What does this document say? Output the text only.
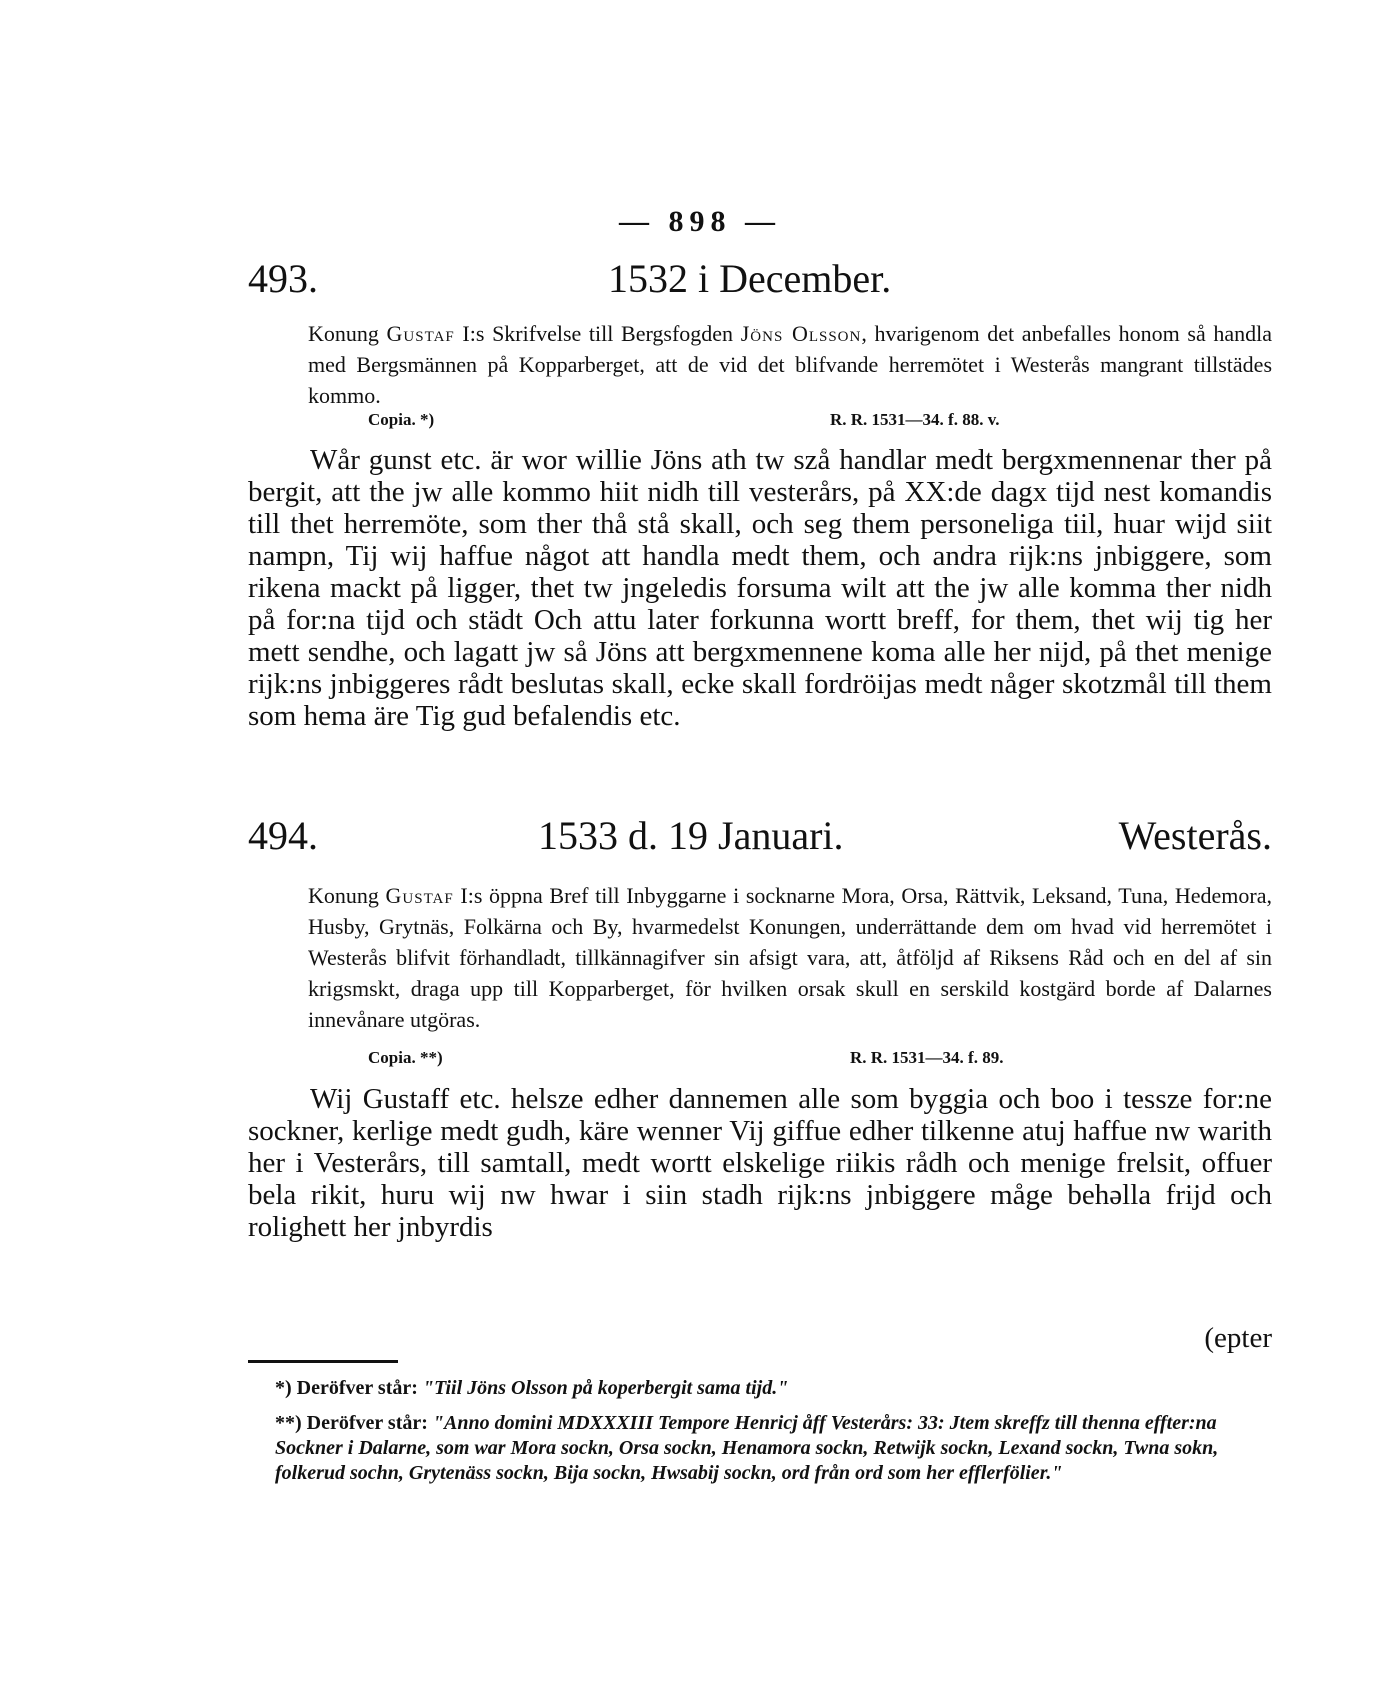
— 898 —
493.	1532 i December.
Konung Gustaf I:s Skrifvelse till Bergsfogden Jöns Olsson, hvarigenom det anbefalles honom så handla med Bergsmännen på Kopparberget, att de vid det blifvande herremötet i Westerås mangrant tillstädes kommo.
Copia. *)	R. R. 1531—34. f. 88. v.

Wår gunst etc. är wor willie Jöns ath tw szå handlar medt bergxmennenar ther på bergit, att the jw alle kommo hiit nidh till vesterårs, på XX:de dagx tijd nest komandis till thet herremöte, som ther thå stå skall, och seg them personeliga tiil, huar wijd siit nampn, Tij wij haffue något att handla medt them, och andra rijk:ns jnbiggere, som rikena mackt på ligger, thet tw jngeledis forsuma wilt att the jw alle komma ther nidh på for:na tijd och städt Och attu later forkunna wortt breff, for them, thet wij tig her mett sendhe, och lagatt jw så Jöns att bergxmennene koma alle her nijd, på thet menige rijk:ns jnbiggeres rådt beslutas skall, ecke skall fordröijas medt någer skotzmål till them som hema äre Tig gud befalendis etc.

494.	1533 d. 19 Januari.	Westerås.
Konung Gustaf I:s öppna Bref till Inbyggarne i socknarne Mora, Orsa, Rättvik, Leksand, Tuna, Hedemora, Husby, Grytnäs, Folkärna och By, hvarmedelst Konungen, underrättande dem om hvad vid herremötet i Westerås blifvit förhandladt, tillkännagifver sin afsigt vara, att, åtföljd af Riksens Råd och en del af sin krigsmskt, draga upp till Kopparberget, för hvilken orsak skull en serskild kostgärd borde af Dalarnes innevånare utgöras.
Copia. **)	R. R. 1531—34. f. 89.

Wij Gustaff etc. helsze edher dannemen alle som byggia och boo i tessze for:ne sockner, kerlige medt gudh, käre wenner Vij giffue edher tilkenne atuj haffue nw warith her i Vesterårs, till samtall, medt wortt elskelige riikis rådh och menige frelsit, offuer bela rikit, huru wij nw hwar i siin stadh rijk:ns jnbiggere måge behəlla frijd och rolighett her jnbyrdis

(epter

*) Deröfver står: "Tiil Jöns Olsson på koperbergit sama tijd."

**) Deröfver står: "Anno domini MDXXXIII Tempore Henricj åff Vesterårs: 33: Jtem skreffz till thenna effter:na Sockner i Dalarne, som war Mora sockn, Orsa sockn, Henamora sockn, Retwijk sockn, Lexand sockn, Twna sokn, folkerud sochn, Grytenäss sockn, Bija sockn, Hwsabij sockn, ord från ord som her efflerfölier."
